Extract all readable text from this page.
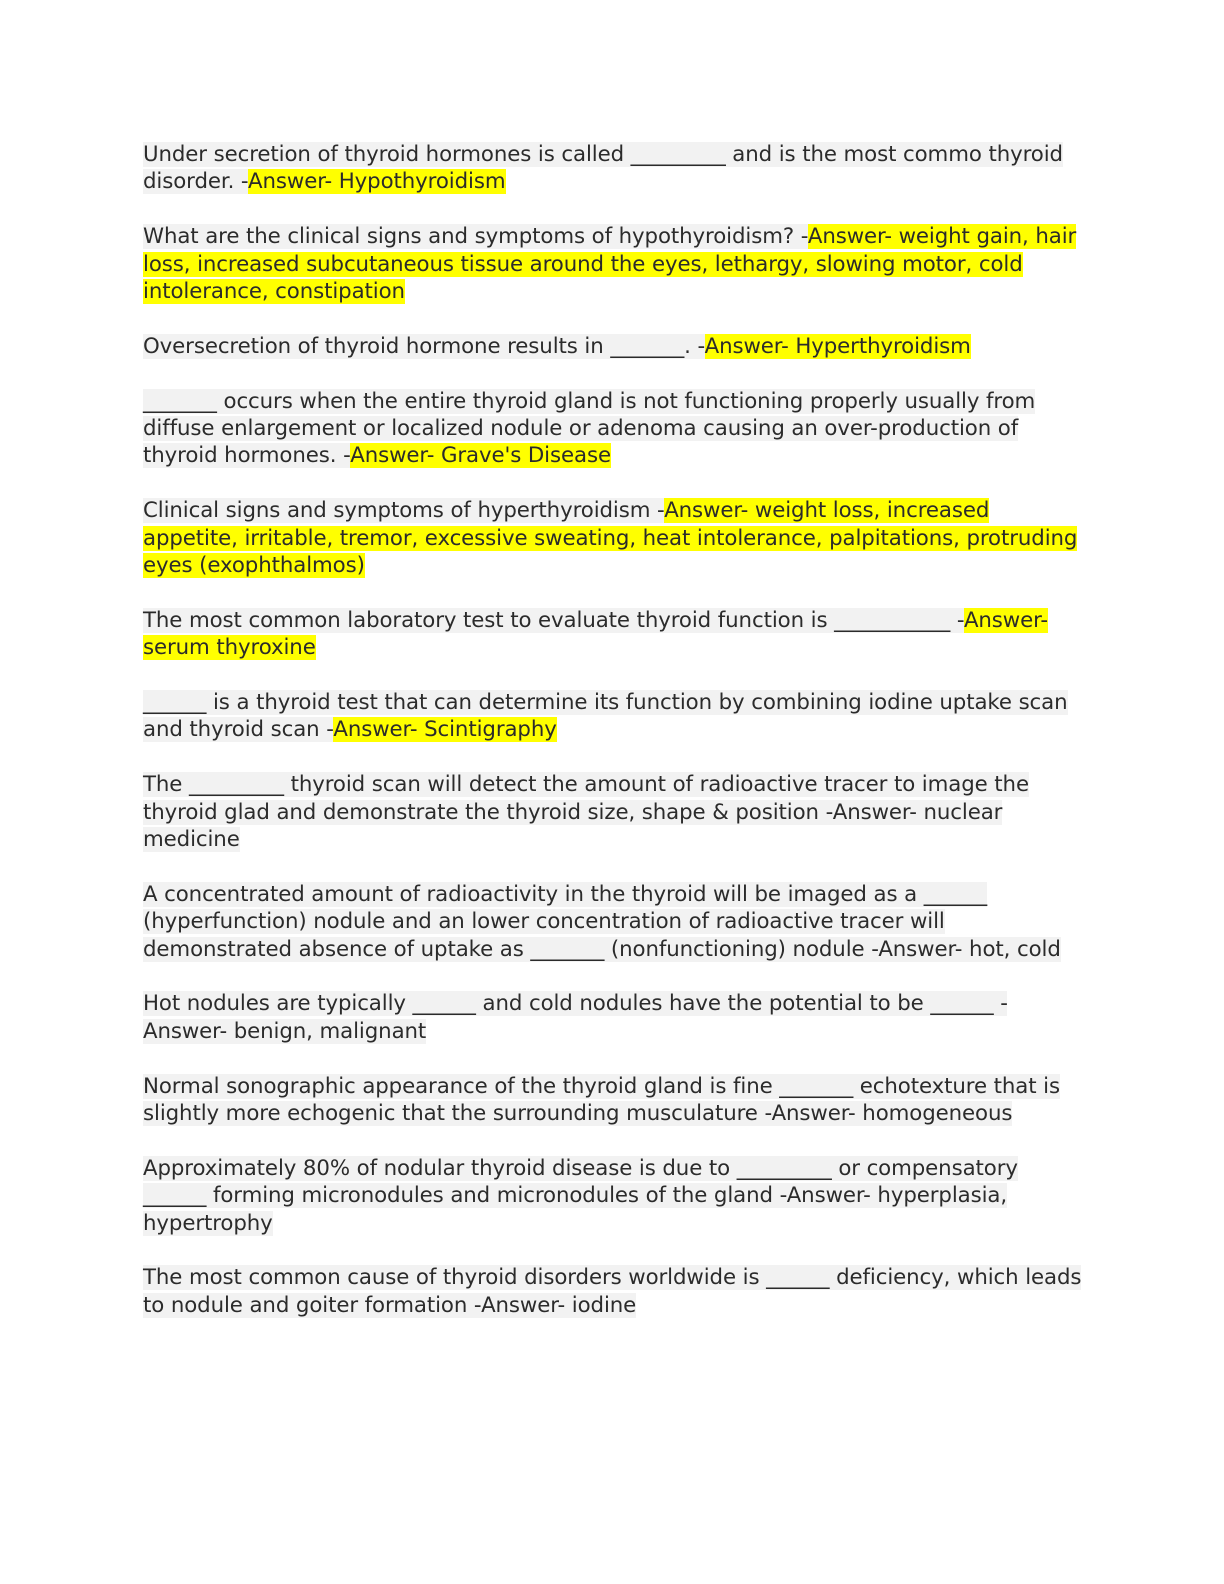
Under secretion of thyroid hormones is called _________ and is the most commo thyroid disorder. -Answer- Hypothyroidism

What are the clinical signs and symptoms of hypothyroidism? -Answer- weight gain, hair loss, increased subcutaneous tissue around the eyes, lethargy, slowing motor, cold intolerance, constipation

Oversecretion of thyroid hormone results in _______. -Answer- Hyperthyroidism

_______ occurs when the entire thyroid gland is not functioning properly usually from diffuse enlargement or localized nodule or adenoma causing an over-production of thyroid hormones. -Answer- Grave's Disease

Clinical signs and symptoms of hyperthyroidism -Answer- weight loss, increased appetite, irritable, tremor, excessive sweating, heat intolerance, palpitations, protruding eyes (exophthalmos)

The most common laboratory test to evaluate thyroid function is ___________ -Answer- serum thyroxine

______ is a thyroid test that can determine its function by combining iodine uptake scan and thyroid scan -Answer- Scintigraphy

The _________ thyroid scan will detect the amount of radioactive tracer to image the thyroid glad and demonstrate the thyroid size, shape & position -Answer- nuclear medicine

A concentrated amount of radioactivity in the thyroid will be imaged as a ______ (hyperfunction) nodule and an lower concentration of radioactive tracer will demonstrated absence of uptake as _______ (nonfunctioning) nodule -Answer- hot, cold

Hot nodules are typically ______ and cold nodules have the potential to be ______ -Answer- benign, malignant

Normal sonographic appearance of the thyroid gland is fine _______ echotexture that is slightly more echogenic that the surrounding musculature -Answer- homogeneous

Approximately 80% of nodular thyroid disease is due to _________ or compensatory ______ forming micronodules and micronodules of the gland -Answer- hyperplasia, hypertrophy

The most common cause of thyroid disorders worldwide is ______ deficiency, which leads to nodule and goiter formation -Answer- iodine
